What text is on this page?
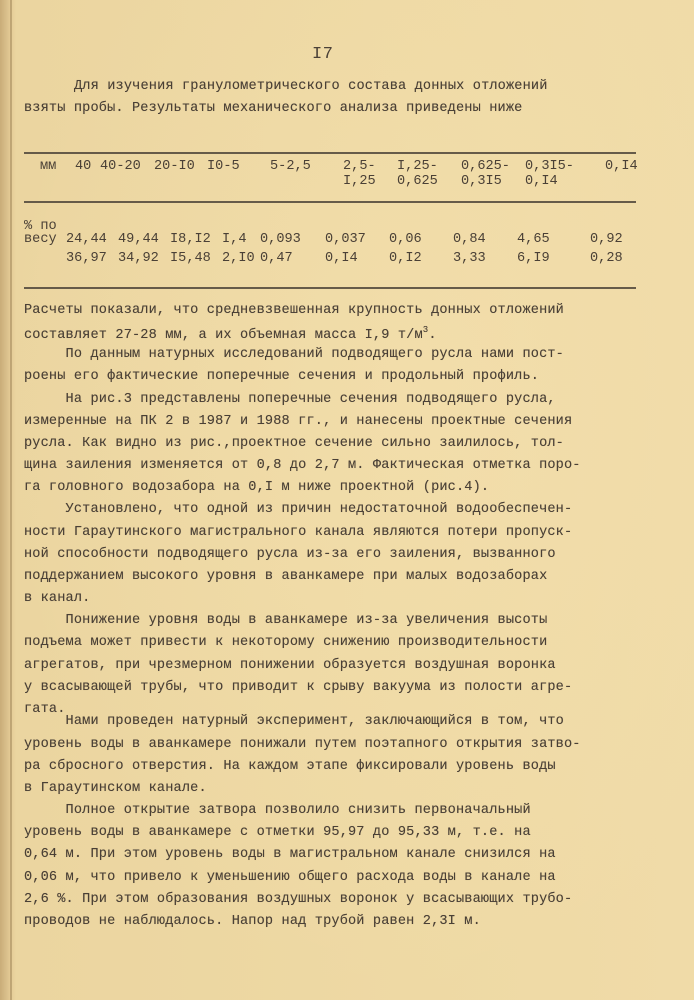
I7
Для изучения гранулометрического состава донных отложений
взяты пробы. Результаты механического анализа приведены ниже
мм 40 40-20 20-I0 I0-5 5-2,5 2,5-
I,25
I,25-
0,625
0,625-
0,3I5
0,3I5-
0,I4
0,I4
% по
весу 24,44 49,44 I8,I2 I,4 0,093 0,037 0,06 0,84 4,65	0,92
36,97 34,92 I5,48 2,I0 0,47 0,I4 0,I2 3,33 6,I9	0,28
Расчеты показали, что средневзвешенная крупность донных отложений
составляет 27-28 мм, а их объемная масса I,9 $т/м^3$.
По данным натурных исследований подводящего русла нами пост-
роены его фактические поперечные сечения и продольный профиль.
На рис.3 представлены поперечные сечения подводящего русла,
измеренные на ПК 2 в 1987 и 1988 гг., и нанесены проектные сечения
русла. Как видно из рис.,проектное сечение сильно заилилось, тол-
щина заиления изменяется от 0,8 до 2,7 м. Фактическая отметка поро-
га головного водозабора на 0,I м ниже проектной (рис.4).
Установлено, что одной из причин недостаточной водообеспечен-
ности Гараутинского магистрального канала являются потери пропуск-
ной способности подводящего русла из-за его заиления, вызванного
поддержанием высокого уровня в аванкамере при малых водозаборах
в канал.
Понижение уровня воды в аванкамере из-за увеличения высоты
подъема может привести к некоторому снижению производительности
агрегатов, при чрезмерном понижении образуется воздушная воронка
у всасывающей трубы, что приводит к срыву вакуума из полости агре-
гата.
Нами проведен натурный эксперимент, заключающийся в том, что
уровень воды в аванкамере понижали путем поэтапного открытия затво-
ра сбросного отверстия. На каждом этапе фиксировали уровень воды
в Гараутинском канале.
Полное открытие затвора позволило снизить первоначальный
уровень воды в аванкамере с отметки 95,97 до 95,33 м, т.е. на
0,64 м. При этом уровень воды в магистральном канале снизился на
0,06 м, что привело к уменьшению общего расхода воды в канале на
2,6 %. При этом образования воздушных воронок у всасывающих трубо-
проводов не наблюдалось. Напор над трубой равен 2,3I м.
